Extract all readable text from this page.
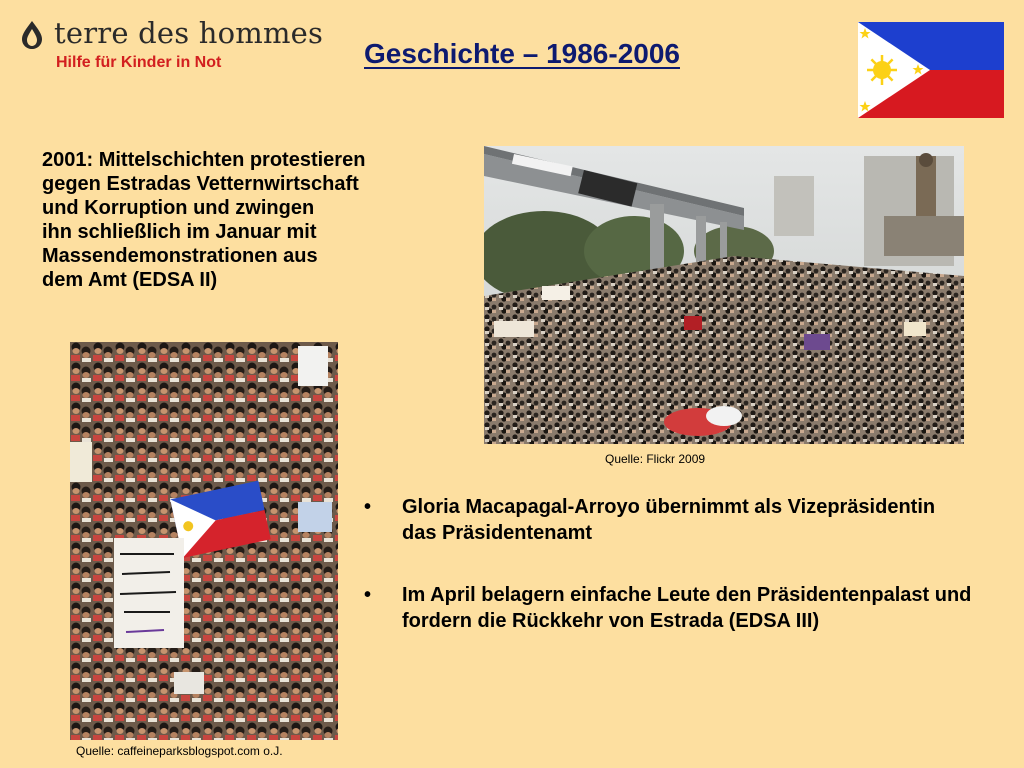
terre des hommes
Hilfe für Kinder in Not	Geschichte – 1986-2006

2001: Mittelschichten protestieren
gegen Estradas Vetternwirtschaft
und Korruption und zwingen
ihn schließlich im Januar mit
Massendemonstrationen aus
dem Amt (EDSA II)

Quelle: Flickr 2009
Quelle: caffeineparksblogspot.com o.J.
• Gloria Macapagal-Arroyo übernimmt als Vizepräsidentin das Präsidentenamt
• Im April belagern einfache Leute den Präsidentenpalast und fordern die Rückkehr von Estrada (EDSA III)
